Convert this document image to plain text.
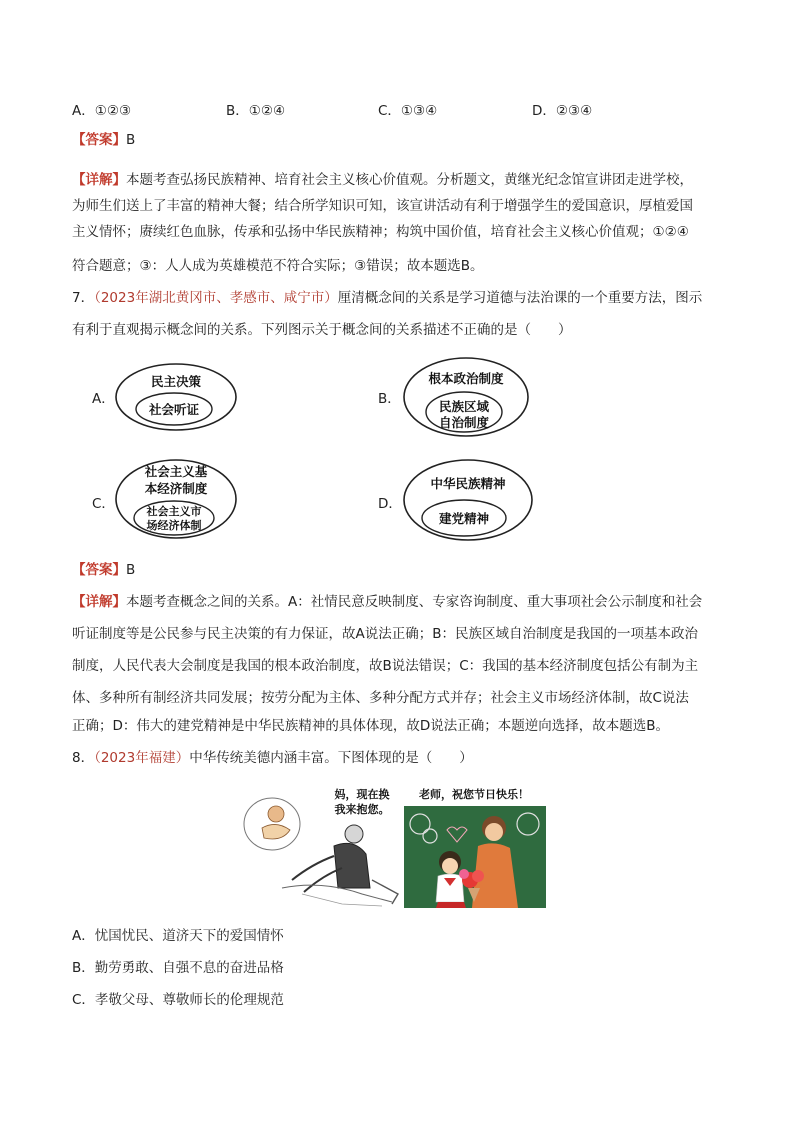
A．①②③	B．①②④	C．①③④	D．②③④
【答案】B
【详解】本题考查弘扬民族精神、培育社会主义核心价值观。分析题文，黄继光纪念馆宣讲团走进学校，
为师生们送上了丰富的精神大餐；结合所学知识可知，该宣讲活动有利于增强学生的爱国意识，厚植爱国
主义情怀；赓续红色血脉，传承和弘扬中华民族精神；构筑中国价值，培育社会主义核心价值观；①②④
符合题意；③：人人成为英雄模范不符合实际；③错误；故本题选B。
7．（2023年湖北黄冈市、孝感市、咸宁市）厘清概念间的关系是学习道德与法治课的一个重要方法，图示
有利于直观揭示概念间的关系。下列图示关于概念间的关系描述不正确的是（　　）
A．
民主决策
社会听证
B．
根本政治制度
民族区域
自治制度
C．
社会主义基
本经济制度
社会主义市
场经济体制
D．
中华民族精神
建党精神
【答案】B
【详解】本题考查概念之间的关系。A：社情民意反映制度、专家咨询制度、重大事项社会公示制度和社会
听证制度等是公民参与民主决策的有力保证，故A说法正确；B：民族区域自治制度是我国的一项基本政治
制度，人民代表大会制度是我国的根本政治制度，故B说法错误；C：我国的基本经济制度包括公有制为主
体、多种所有制经济共同发展；按劳分配为主体、多种分配方式并存；社会主义市场经济体制，故C说法
正确；D：伟大的建党精神是中华民族精神的具体体现，故D说法正确；本题逆向选择，故本题选B。
8．（2023年福建）中华传统美德内涵丰富。下图体现的是（　　）
妈，现在换
我来抱您。
老师，祝您节日快乐！
A．忧国忧民、道济天下的爱国情怀
B．勤劳勇敢、自强不息的奋进品格
C．孝敬父母、尊敬师长的伦理规范
